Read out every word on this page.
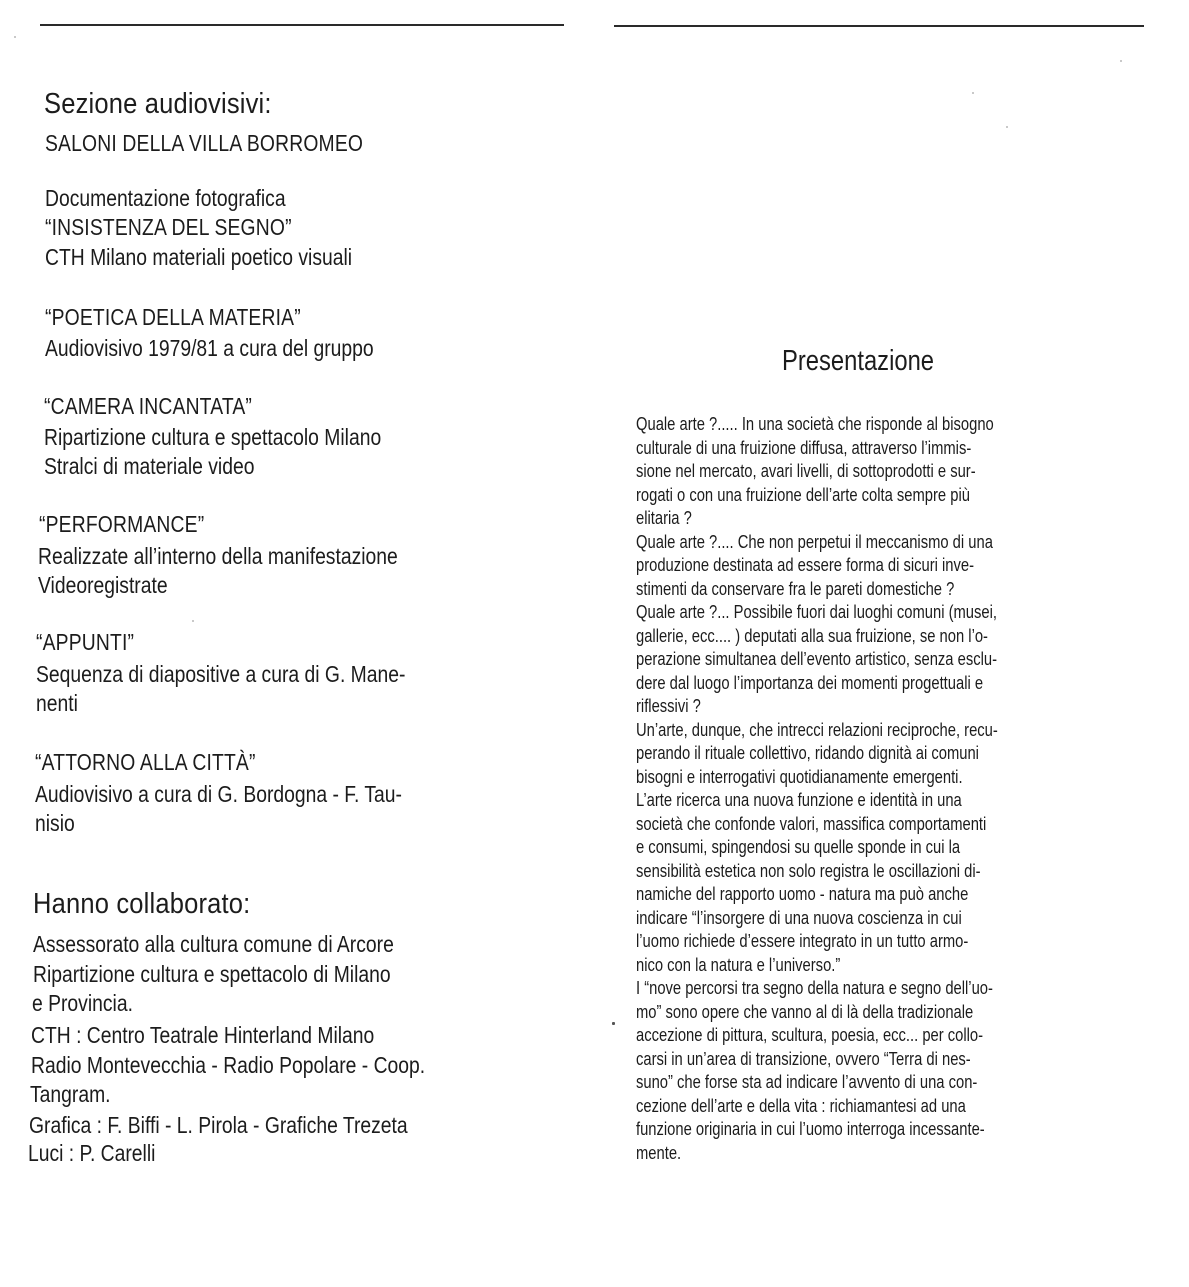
Sezione audiovisivi:
SALONI DELLA VILLA BORROMEO
Documentazione fotografica
“INSISTENZA DEL SEGNO”
CTH Milano materiali poetico visuali
“POETICA DELLA MATERIA”
Audiovisivo 1979/81 a cura del gruppo
“CAMERA INCANTATA”
Ripartizione cultura e spettacolo Milano
Stralci di materiale video
“PERFORMANCE”
Realizzate all’interno della manifestazione
Videoregistrate
“APPUNTI”
Sequenza di diapositive a cura di G. Mane-
nenti
“ATTORNO ALLA CITTÀ”
Audiovisivo a cura di G. Bordogna - F. Tau-
nisio
Hanno collaborato:
Assessorato alla cultura comune di Arcore
Ripartizione cultura e spettacolo di Milano
e Provincia.
CTH : Centro Teatrale Hinterland Milano
Radio Montevecchia - Radio Popolare - Coop.
Tangram.
Grafica : F. Biffi - L. Pirola - Grafiche Trezeta
Luci : P. Carelli
Presentazione
Quale arte ?..... In una società che risponde al bisogno
culturale di una fruizione diffusa, attraverso l’immis-
sione nel mercato, avari livelli, di sottoprodotti e sur-
rogati o con una fruizione dell’arte colta sempre più
elitaria ?
Quale arte ?.... Che non perpetui il meccanismo di una
produzione destinata ad essere forma di sicuri inve-
stimenti da conservare fra le pareti domestiche ?
Quale arte ?... Possibile fuori dai luoghi comuni (musei,
gallerie, ecc.... ) deputati alla sua fruizione, se non l’o-
perazione simultanea dell’evento artistico, senza esclu-
dere dal luogo l’importanza dei momenti progettuali e
riflessivi ?
Un’arte, dunque, che intrecci relazioni reciproche, recu-
perando il rituale collettivo, ridando dignità ai comuni
bisogni e interrogativi quotidianamente emergenti.
L’arte ricerca una nuova funzione e identità in una
società che confonde valori, massifica comportamenti
e consumi, spingendosi su quelle sponde in cui la
sensibilità estetica non solo registra le oscillazioni di-
namiche del rapporto uomo - natura ma può anche
indicare “l’insorgere di una nuova coscienza in cui
l’uomo richiede d’essere integrato in un tutto armo-
nico con la natura e l’universo.”
I “nove percorsi tra segno della natura e segno dell’uo-
mo” sono opere che vanno al di là della tradizionale
accezione di pittura, scultura, poesia, ecc... per collo-
carsi in un’area di transizione, ovvero “Terra di nes-
suno” che forse sta ad indicare l’avvento di una con-
cezione dell’arte e della vita : richiamantesi ad una
funzione originaria in cui l’uomo interroga incessante-
mente.
